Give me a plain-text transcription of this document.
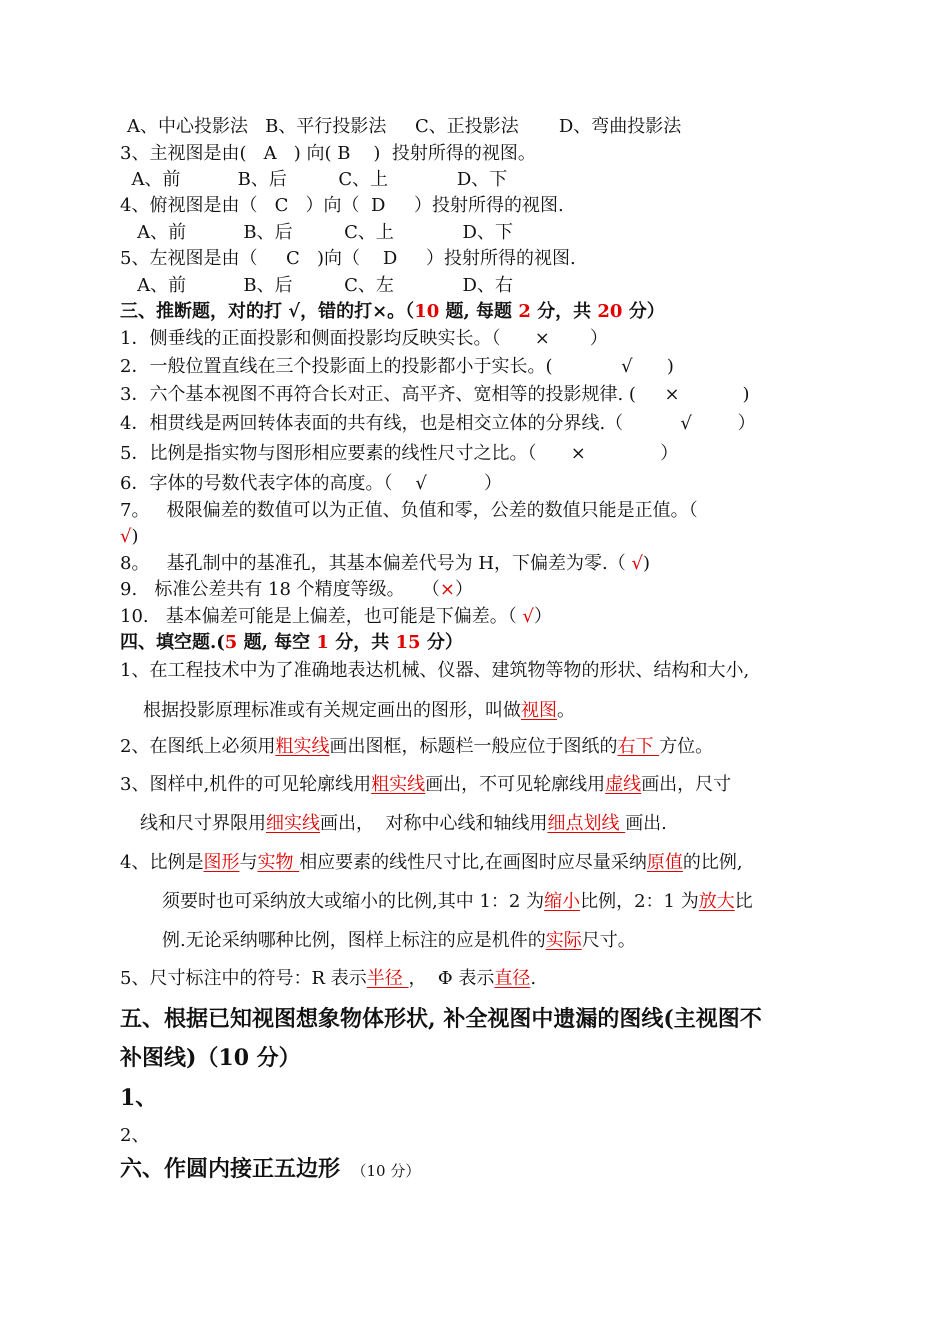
A、中心投影法   B、平行投影法     C、正投影法       D、弯曲投影法
3、主视图是由(   A   ) 向( B    )  投射所得的视图。
A、前          B、后         C、上            D、下
4、俯视图是由（   C   ）向（  D     ）投射所得的视图.
A、前          B、后         C、上            D、下
5、左视图是由（     C   )向（    D     ）投射所得的视图.
A、前          B、后         C、左            D、右
三、推断题，对的打 √，错的打×。（10 题, 每题 2 分，共 20 分）
1．侧垂线的正面投影和侧面投影均反映实长。（      ×       ）
2．一般位置直线在三个投影面上的投影都小于实长。(            √      )
3．六个基本视图不再符合长对正、高平齐、宽相等的投影规律. (     ×           )
4．相贯线是两回转体表面的共有线，也是相交立体的分界线.（          √        ）
5．比例是指实物与图形相应要素的线性尺寸之比。（      ×             ）
6．字体的号数代表字体的高度。（    √          ）
7。   极限偏差的数值可以为正值、负值和零，公差的数值只能是正值。（
√)
8。   基孔制中的基准孔，其基本偏差代号为 H，下偏差为零.（ √)
9.   标准公差共有 18 个精度等级。   （×）
10.   基本偏差可能是上偏差，也可能是下偏差。（ √）
四、填空题.(5 题, 每空 1 分，共 15 分）
1、在工程技术中为了准确地表达机械、仪器、建筑物等物的形状、结构和大小,
根据投影原理标准或有关规定画出的图形，叫做视图。
2、在图纸上必须用粗实线画出图框，标题栏一般应位于图纸的右下 方位。
3、图样中,机件的可见轮廓线用粗实线画出，不可见轮廓线用虚线画出，尺寸
线和尺寸界限用细实线画出，  对称中心线和轴线用细点划线 画出.
4、比例是图形与实物 相应要素的线性尺寸比,在画图时应尽量采纳原值的比例,
须要时也可采纳放大或缩小的比例,其中 1：2 为缩小比例，2：1 为放大比
例.无论采纳哪种比例，图样上标注的应是机件的实际尺寸。
5、尺寸标注中的符号：R 表示半径 ，  Φ 表示直径.
五、根据已知视图想象物体形状, 补全视图中遗漏的图线(主视图不
补图线)（10 分）
1、
2、
六、作圆内接正五边形 （10 分）
